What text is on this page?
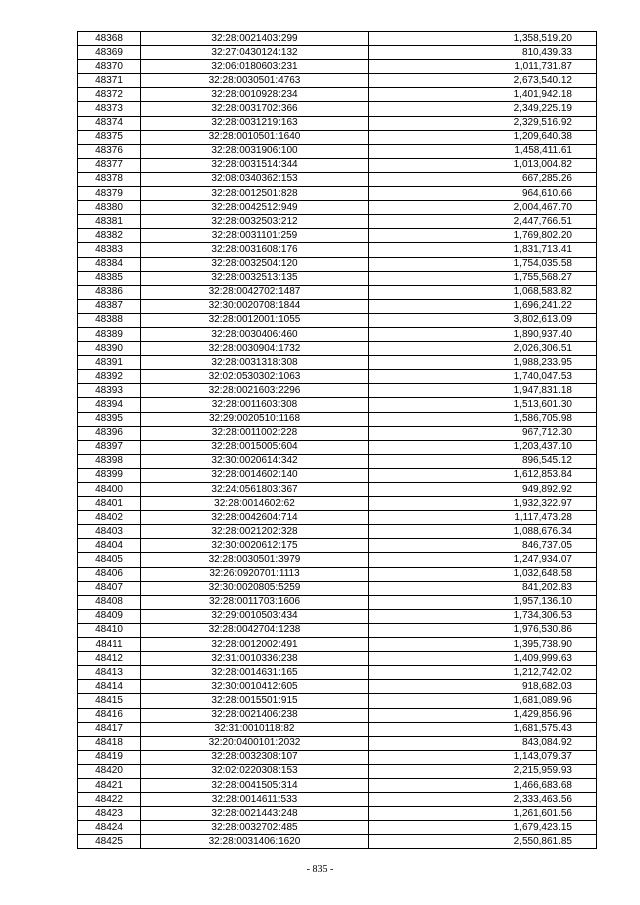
48368	32:28:0021403:299	1,358,519.20
48369	32:27:0430124:132	810,439.33
48370	32:06:0180603:231	1,011,731.87
48371	32:28:0030501:4763	2,673,540.12
48372	32:28:0010928:234	1,401,942.18
48373	32:28:0031702:366	2,349,225.19
48374	32:28:0031219:163	2,329,516.92
48375	32:28:0010501:1640	1,209,640.38
48376	32:28:0031906:100	1,458,411.61
48377	32:28:0031514:344	1,013,004.82
48378	32:08:0340362:153	667,285.26
48379	32:28:0012501:828	964,610.66
48380	32:28:0042512:949	2,004,467.70
48381	32:28:0032503:212	2,447,766.51
48382	32:28:0031101:259	1,769,802.20
48383	32:28:0031608:176	1,831,713.41
48384	32:28:0032504:120	1,754,035.58
48385	32:28:0032513:135	1,755,568.27
48386	32:28:0042702:1487	1,068,583.82
48387	32:30:0020708:1844	1,696,241.22
48388	32:28:0012001:1055	3,802,613.09
48389	32:28:0030406:460	1,890,937.40
48390	32:28:0030904:1732	2,026,306.51
48391	32:28:0031318:308	1,988,233.95
48392	32:02:0530302:1063	1,740,047.53
48393	32:28:0021603:2296	1,947,831.18
48394	32:28:0011603:308	1,513,601.30
48395	32:29:0020510:1168	1,586,705.98
48396	32:28:0011002:228	967,712.30
48397	32:28:0015005:604	1,203,437.10
48398	32:30:0020614:342	896,545.12
48399	32:28:0014602:140	1,612,853.84
48400	32:24:0561803:367	949,892.92
48401	32:28:0014602:62	1,932,322.97
48402	32:28:0042604:714	1,117,473.28
48403	32:28:0021202:328	1,088,676.34
48404	32:30:0020612:175	846,737.05
48405	32:28:0030501:3979	1,247,934.07
48406	32:26:0920701:1113	1,032,648.58
48407	32:30:0020805:5259	841,202.83
48408	32:28:0011703:1606	1,957,136.10
48409	32:29:0010503:434	1,734,306.53
48410	32:28:0042704:1238	1,976,530.86
48411	32:28:0012002:491	1,395,738.90
48412	32:31:0010336:238	1,409,999.63
48413	32:28:0014631:165	1,212,742.02
48414	32:30:0010412:605	918,682.03
48415	32:28:0015501:915	1,681,089.96
48416	32:28:0021406:238	1,429,856.96
48417	32:31:0010118:82	1,681,575.43
48418	32:20:0400101:2032	843,084.92
48419	32:28:0032308:107	1,143,079.37
48420	32:02:0220308:153	2,215,959.93
48421	32:28:0041505:314	1,466,683.68
48422	32:28:0014611:533	2,333,463.56
48423	32:28:0021443:248	1,261,601.56
48424	32:28:0032702:485	1,679,423.15
48425	32:28:0031406:1620	2,550,861.85
- 835 -
